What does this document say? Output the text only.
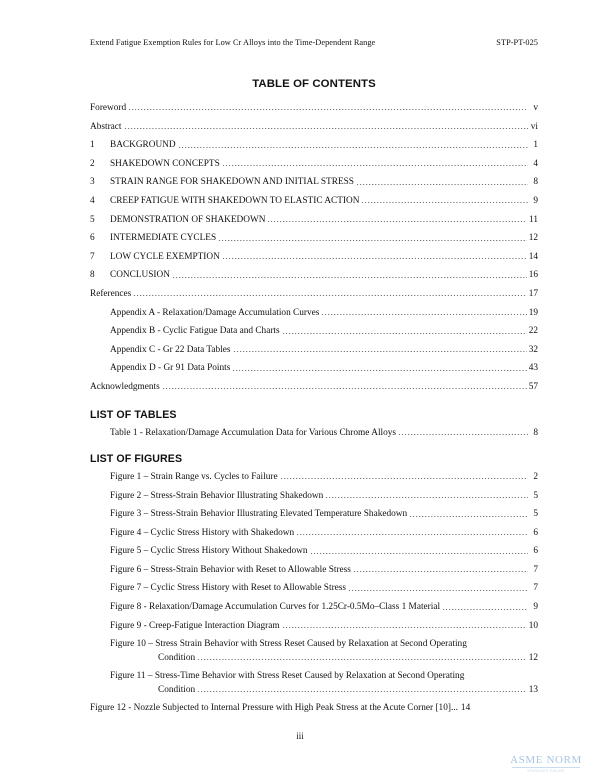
Extend Fatigue Exemption Rules for Low Cr Alloys into the Time-Dependent Range	STP-PT-025
TABLE OF CONTENTS
Foreword	v
Abstract	vi
1	BACKGROUND	1
2	SHAKEDOWN CONCEPTS	4
3	STRAIN RANGE FOR SHAKEDOWN AND INITIAL STRESS	8
4	CREEP FATIGUE WITH SHAKEDOWN TO ELASTIC ACTION	9
5	DEMONSTRATION OF SHAKEDOWN	11
6	INTERMEDIATE CYCLES	12
7	LOW CYCLE EXEMPTION	14
8	CONCLUSION	16
References	17
Appendix A - Relaxation/Damage Accumulation Curves	19
Appendix B - Cyclic Fatigue Data and Charts	22
Appendix C - Gr 22 Data Tables	32
Appendix D - Gr 91 Data Points	43
Acknowledgments	57
LIST OF TABLES
Table 1 - Relaxation/Damage Accumulation Data for Various Chrome Alloys	8
LIST OF FIGURES
Figure 1 – Strain Range vs. Cycles to Failure	2
Figure 2 – Stress-Strain Behavior Illustrating Shakedown	5
Figure 3 – Stress-Strain Behavior Illustrating Elevated Temperature Shakedown	5
Figure 4 – Cyclic Stress History with Shakedown	6
Figure 5 – Cyclic Stress History Without Shakedown	6
Figure 6 – Stress-Strain Behavior with Reset to Allowable Stress	7
Figure 7 – Cyclic Stress History with Reset to Allowable Stress	7
Figure 8 - Relaxation/Damage Accumulation Curves for 1.25Cr-0.5Mo–Class 1 Material	9
Figure 9 - Creep-Fatigue Interaction Diagram	10
Figure 10 – Stress Strain Behavior with Stress Reset Caused by Relaxation at Second Operating
Condition	12
Figure 11 – Stress-Time Behavior with Stress Reset Caused by Relaxation at Second Operating
Condition	13
Figure 12 - Nozzle Subjected to Internal Pressure with High Peak Stress at the Acute Corner [10]... 14
iii
ASME NORM
STANDARD ONLINE
